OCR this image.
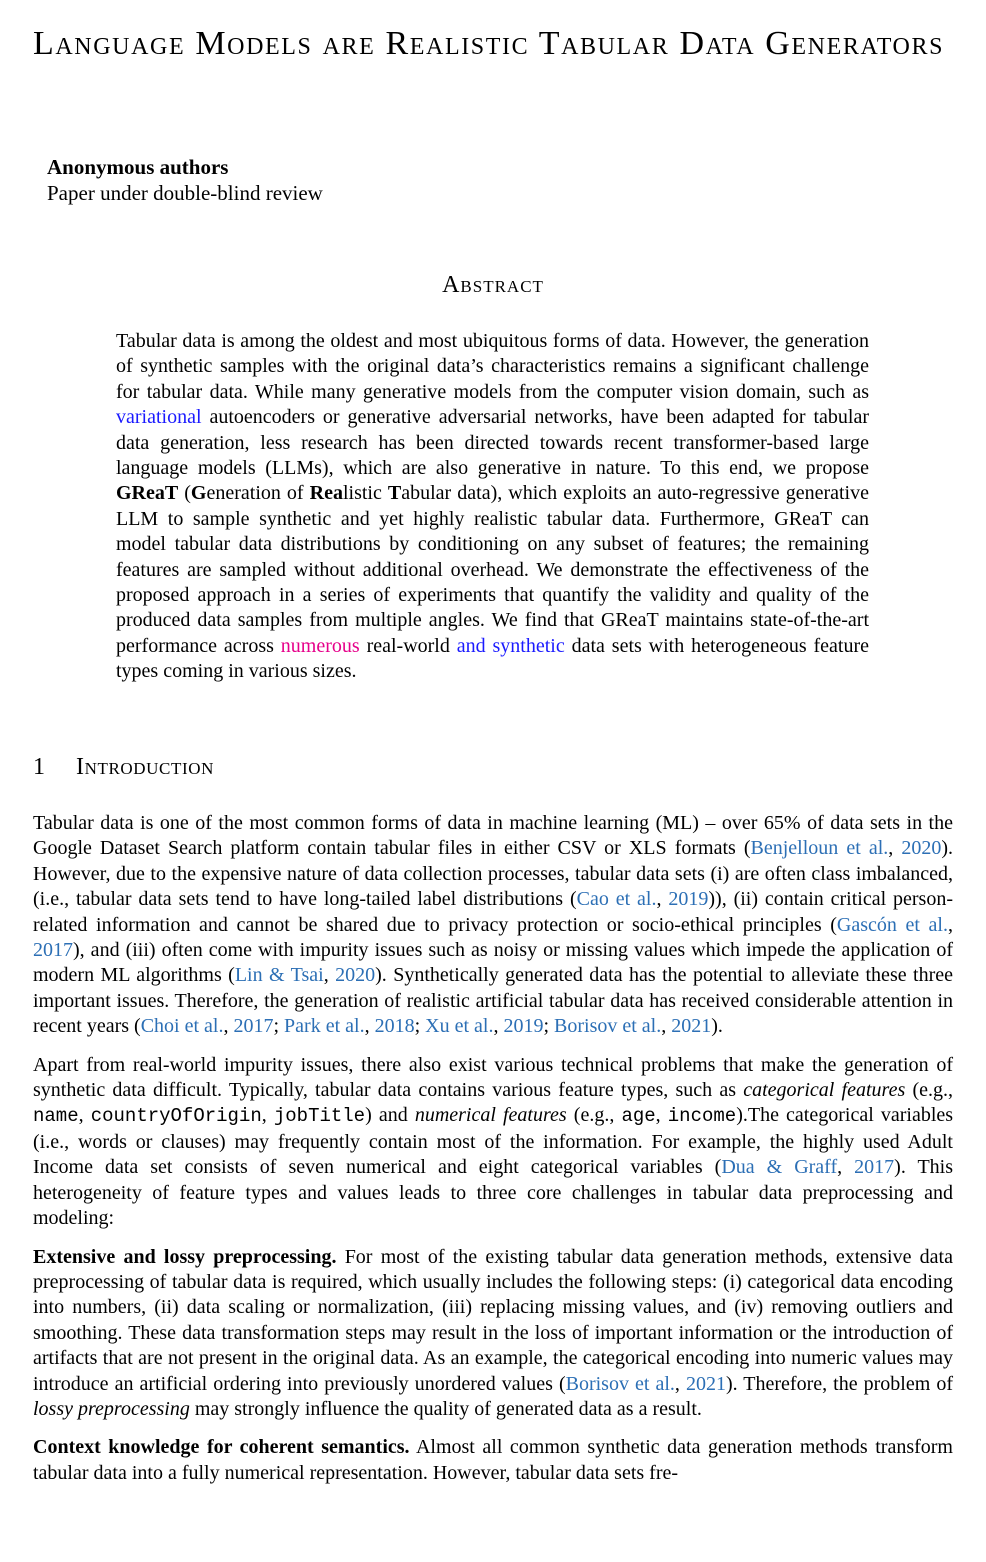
Language Models are Realistic Tabular Data Generators
Anonymous authors
Paper under double-blind review
Abstract

Tabular data is among the oldest and most ubiquitous forms of data. However, the generation of synthetic samples with the original data’s characteristics remains a significant challenge for tabular data. While many generative models from the computer vision domain, such as variational autoencoders or generative adversarial networks, have been adapted for tabular data generation, less research has been directed towards recent transformer-based large language models (LLMs), which are also generative in nature. To this end, we propose GReaT (Generation of Realistic Tabular data), which exploits an auto-regressive generative LLM to sample synthetic and yet highly realistic tabular data. Furthermore, GReaT can model tabular data distributions by conditioning on any subset of features; the remaining features are sampled without additional overhead. We demonstrate the effectiveness of the proposed approach in a series of experiments that quantify the validity and quality of the produced data samples from multiple angles. We find that GReaT maintains state-of-the-art performance across numerous real-world and synthetic data sets with heterogeneous feature types coming in various sizes.

1 Introduction

Tabular data is one of the most common forms of data in machine learning (ML) – over 65% of data sets in the Google Dataset Search platform contain tabular files in either CSV or XLS formats (Benjelloun et al., 2020). However, due to the expensive nature of data collection processes, tabular data sets (i) are often class imbalanced, (i.e., tabular data sets tend to have long-tailed label distributions (Cao et al., 2019)), (ii) contain critical person-related information and cannot be shared due to privacy protection or socio-ethical principles (Gascón et al., 2017), and (iii) often come with impurity issues such as noisy or missing values which impede the application of modern ML algorithms (Lin & Tsai, 2020). Synthetically generated data has the potential to alleviate these three important issues. Therefore, the generation of realistic artificial tabular data has received considerable attention in recent years (Choi et al., 2017; Park et al., 2018; Xu et al., 2019; Borisov et al., 2021).

Apart from real-world impurity issues, there also exist various technical problems that make the generation of synthetic data difficult. Typically, tabular data contains various feature types, such as categorical features (e.g., name, countryOfOrigin, jobTitle) and numerical features (e.g., age, income).The categorical variables (i.e., words or clauses) may frequently contain most of the information. For example, the highly used Adult Income data set consists of seven numerical and eight categorical variables (Dua & Graff, 2017). This heterogeneity of feature types and values leads to three core challenges in tabular data preprocessing and modeling:

Extensive and lossy preprocessing. For most of the existing tabular data generation methods, extensive data preprocessing of tabular data is required, which usually includes the following steps: (i) categorical data encoding into numbers, (ii) data scaling or normalization, (iii) replacing missing values, and (iv) removing outliers and smoothing. These data transformation steps may result in the loss of important information or the introduction of artifacts that are not present in the original data. As an example, the categorical encoding into numeric values may introduce an artificial ordering into previously unordered values (Borisov et al., 2021). Therefore, the problem of lossy preprocessing may strongly influence the quality of generated data as a result.

Context knowledge for coherent semantics. Almost all common synthetic data generation methods transform tabular data into a fully numerical representation. However, tabular data sets fre-
